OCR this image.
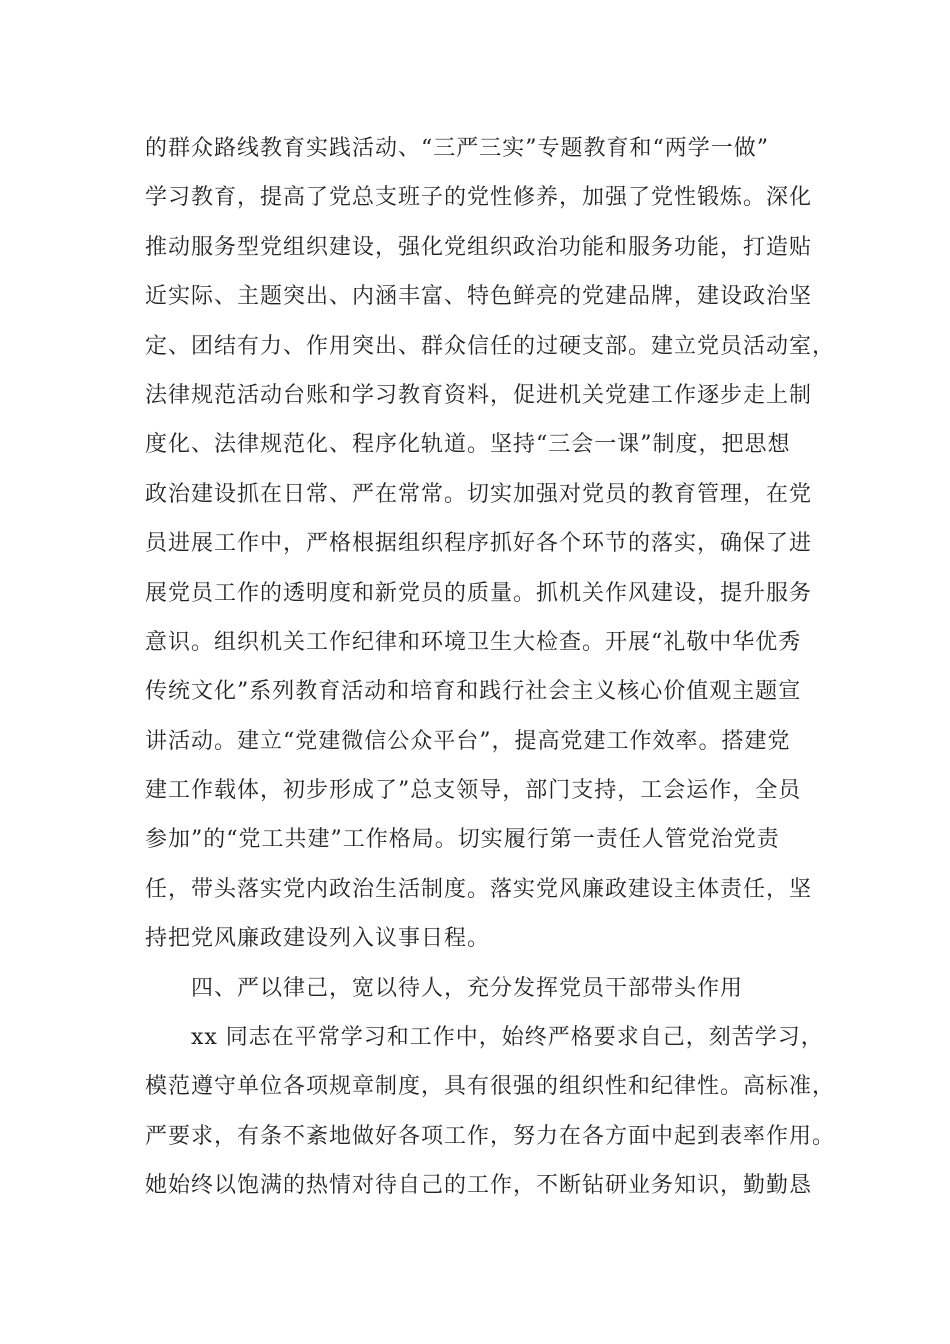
的群众路线教育实践活动、“三严三实”专题教育和“两学一做”
学习教育，提高了党总支班子的党性修养，加强了党性锻炼。深化
推动服务型党组织建设，强化党组织政治功能和服务功能，打造贴
近实际、主题突出、内涵丰富、特色鲜亮的党建品牌，建设政治坚
定、团结有力、作用突出、群众信任的过硬支部。建立党员活动室，
法律规范活动台账和学习教育资料，促进机关党建工作逐步走上制
度化、法律规范化、程序化轨道。坚持“三会一课”制度，把思想
政治建设抓在日常、严在常常。切实加强对党员的教育管理，在党
员进展工作中，严格根据组织程序抓好各个环节的落实，确保了进
展党员工作的透明度和新党员的质量。抓机关作风建设，提升服务
意识。组织机关工作纪律和环境卫生大检查。开展“礼敬中华优秀
传统文化”系列教育活动和培育和践行社会主义核心价值观主题宣
讲活动。建立“党建微信公众平台”，提高党建工作效率。搭建党
建工作载体，初步形成了”总支领导，部门支持，工会运作，全员
参加”的“党工共建”工作格局。切实履行第一责任人管党治党责
任，带头落实党内政治生活制度。落实党风廉政建设主体责任，坚
持把党风廉政建设列入议事日程。
四、严以律己，宽以待人，充分发挥党员干部带头作用
xx 同志在平常学习和工作中，始终严格要求自己，刻苦学习，
模范遵守单位各项规章制度，具有很强的组织性和纪律性。高标准，
严要求，有条不紊地做好各项工作，努力在各方面中起到表率作用。
她始终以饱满的热情对待自己的工作，不断钻研业务知识，勤勤恳
